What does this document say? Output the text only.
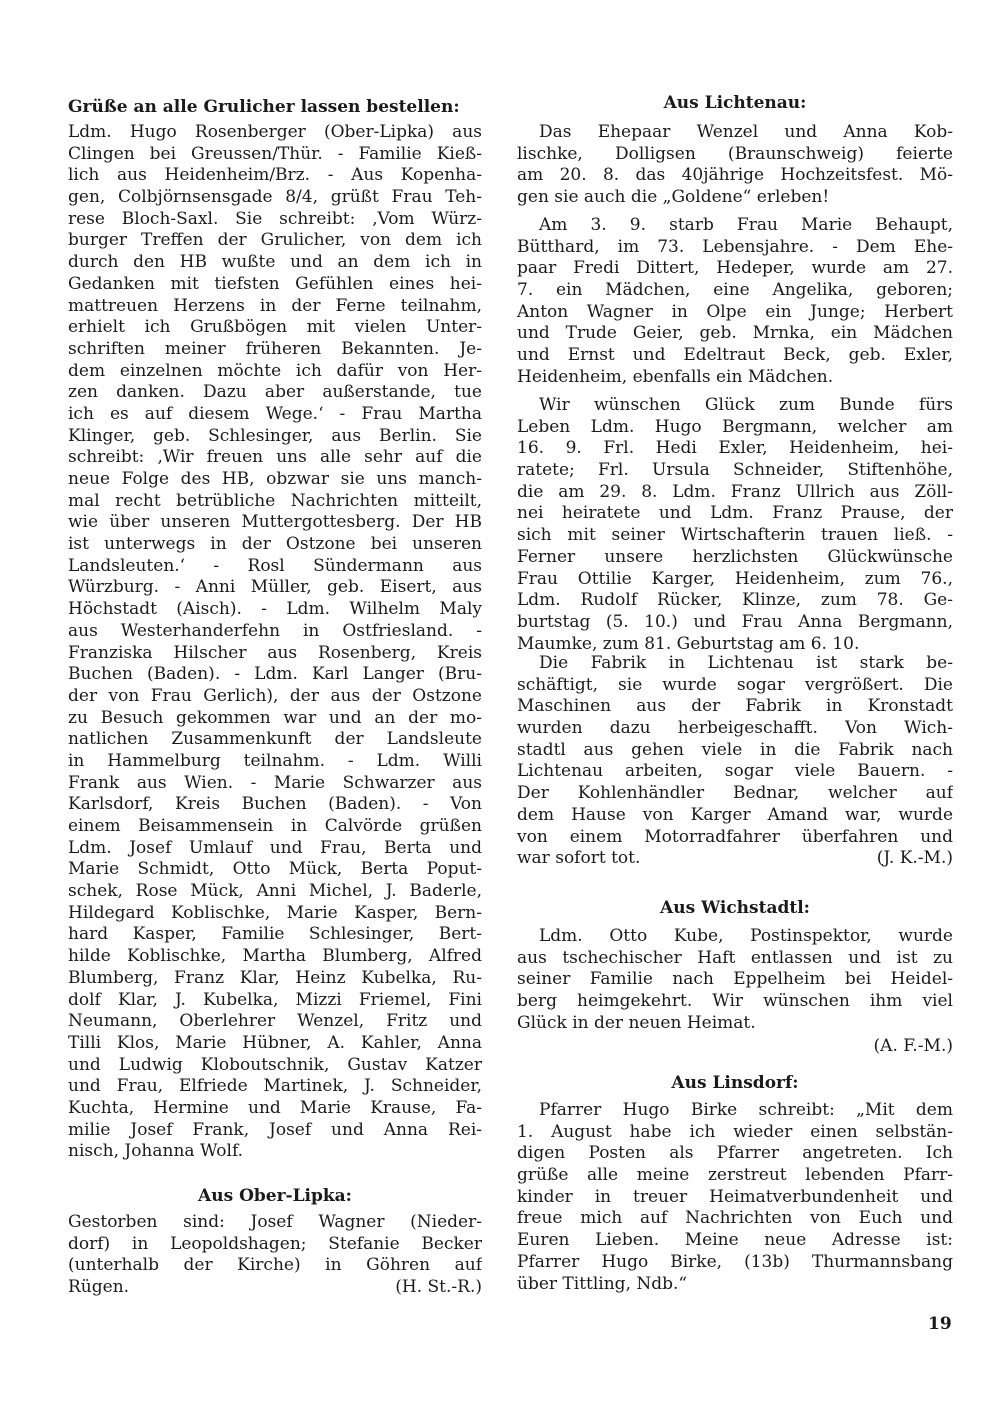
Grüße an alle Grulicher lassen bestellen:
Ldm. Hugo Rosenberger (Ober-Lipka) aus
Clingen bei Greussen/Thür. - Familie Kieß-
lich aus Heidenheim/Brz. - Aus Kopenha-
gen, Colbjörnsensgade 8/4, grüßt Frau Teh-
rese Bloch-Saxl. Sie schreibt: ‚Vom Würz-
burger Treffen der Grulicher, von dem ich
durch den HB wußte und an dem ich in
Gedanken mit tiefsten Gefühlen eines hei-
mattreuen Herzens in der Ferne teilnahm,
erhielt ich Grußbögen mit vielen Unter-
schriften meiner früheren Bekannten. Je-
dem einzelnen möchte ich dafür von Her-
zen danken. Dazu aber außerstande, tue
ich es auf diesem Wege.‘ - Frau Martha
Klinger, geb. Schlesinger, aus Berlin. Sie
schreibt: ‚Wir freuen uns alle sehr auf die
neue Folge des HB, obzwar sie uns manch-
mal recht betrübliche Nachrichten mitteilt,
wie über unseren Muttergottesberg. Der HB
ist unterwegs in der Ostzone bei unseren
Landsleuten.‘ - Rosl Sündermann aus
Würzburg. - Anni Müller, geb. Eisert, aus
Höchstadt (Aisch). - Ldm. Wilhelm Maly
aus Westerhanderfehn in Ostfriesland. -
Franziska Hilscher aus Rosenberg, Kreis
Buchen (Baden). - Ldm. Karl Langer (Bru-
der von Frau Gerlich), der aus der Ostzone
zu Besuch gekommen war und an der mo-
natlichen Zusammenkunft der Landsleute
in Hammelburg teilnahm. - Ldm. Willi
Frank aus Wien. - Marie Schwarzer aus
Karlsdorf, Kreis Buchen (Baden). - Von
einem Beisammensein in Calvörde grüßen
Ldm. Josef Umlauf und Frau, Berta und
Marie Schmidt, Otto Mück, Berta Poput-
schek, Rose Mück, Anni Michel, J. Baderle,
Hildegard Koblischke, Marie Kasper, Bern-
hard Kasper, Familie Schlesinger, Bert-
hilde Koblischke, Martha Blumberg, Alfred
Blumberg, Franz Klar, Heinz Kubelka, Ru-
dolf Klar, J. Kubelka, Mizzi Friemel, Fini
Neumann, Oberlehrer Wenzel, Fritz und
Tilli Klos, Marie Hübner, A. Kahler, Anna
und Ludwig Kloboutschnik, Gustav Katzer
und Frau, Elfriede Martinek, J. Schneider,
Kuchta, Hermine und Marie Krause, Fa-
milie Josef Frank, Josef und Anna Rei-
nisch, Johanna Wolf.
Aus Ober-Lipka:
Gestorben sind: Josef Wagner (Nieder-
dorf) in Leopoldshagen; Stefanie Becker
(unterhalb der Kirche) in Göhren auf
Rügen.	(H. St.-R.)
Aus Lichtenau:
Das Ehepaar Wenzel und Anna Kob-
lischke, Dolligsen (Braunschweig) feierte
am 20. 8. das 40jährige Hochzeitsfest. Mö-
gen sie auch die „Goldene“ erleben!
Am 3. 9. starb Frau Marie Behaupt,
Bütthard, im 73. Lebensjahre. - Dem Ehe-
paar Fredi Dittert, Hedeper, wurde am 27.
7. ein Mädchen, eine Angelika, geboren;
Anton Wagner in Olpe ein Junge; Herbert
und Trude Geier, geb. Mrnka, ein Mädchen
und Ernst und Edeltraut Beck, geb. Exler,
Heidenheim, ebenfalls ein Mädchen.
Wir wünschen Glück zum Bunde fürs
Leben Ldm. Hugo Bergmann, welcher am
16. 9. Frl. Hedi Exler, Heidenheim, hei-
ratete; Frl. Ursula Schneider, Stiftenhöhe,
die am 29. 8. Ldm. Franz Ullrich aus Zöll-
nei heiratete und Ldm. Franz Prause, der
sich mit seiner Wirtschafterin trauen ließ. -
Ferner unsere herzlichsten Glückwünsche
Frau Ottilie Karger, Heidenheim, zum 76.,
Ldm. Rudolf Rücker, Klinze, zum 78. Ge-
burtstag (5. 10.) und Frau Anna Bergmann,
Maumke, zum 81. Geburtstag am 6. 10.
Die Fabrik in Lichtenau ist stark be-
schäftigt, sie wurde sogar vergrößert. Die
Maschinen aus der Fabrik in Kronstadt
wurden dazu herbeigeschafft. Von Wich-
stadtl aus gehen viele in die Fabrik nach
Lichtenau arbeiten, sogar viele Bauern. -
Der Kohlenhändler Bednar, welcher auf
dem Hause von Karger Amand war, wurde
von einem Motorradfahrer überfahren und
war sofort tot.	(J. K.-M.)
Aus Wichstadtl:
Ldm. Otto Kube, Postinspektor, wurde
aus tschechischer Haft entlassen und ist zu
seiner Familie nach Eppelheim bei Heidel-
berg heimgekehrt. Wir wünschen ihm viel
Glück in der neuen Heimat.
(A. F.-M.)
Aus Linsdorf:
Pfarrer Hugo Birke schreibt: „Mit dem
1. August habe ich wieder einen selbstän-
digen Posten als Pfarrer angetreten. Ich
grüße alle meine zerstreut lebenden Pfarr-
kinder in treuer Heimatverbundenheit und
freue mich auf Nachrichten von Euch und
Euren Lieben. Meine neue Adresse ist:
Pfarrer Hugo Birke, (13b) Thurmannsbang
über Tittling, Ndb.“
19
